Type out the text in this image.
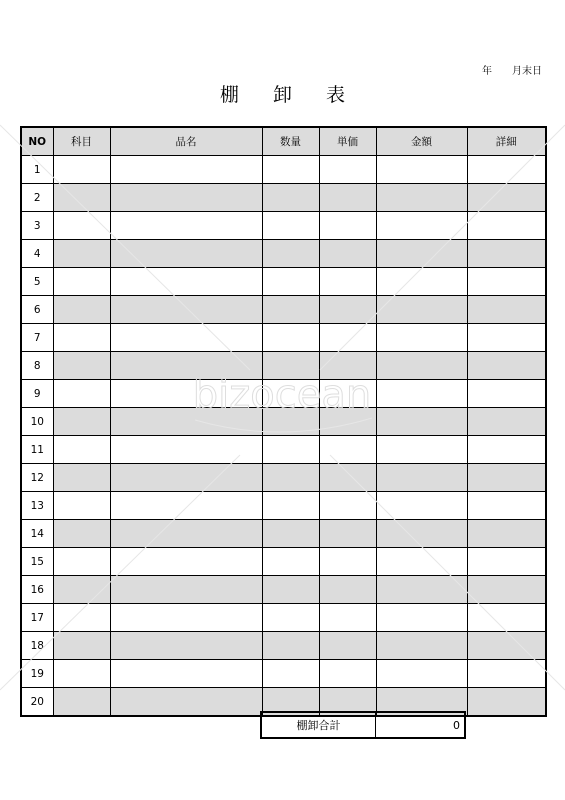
年 月末日
棚 卸 表
NO	科目	品名	数量	単価	金額	詳細
1						
2						
3						
4						
5						
6						
7						
8						
9						
10						
11						
12						
13						
14						
15						
16						
17						
18						
19						
20						
棚卸合計	0
bizocean
